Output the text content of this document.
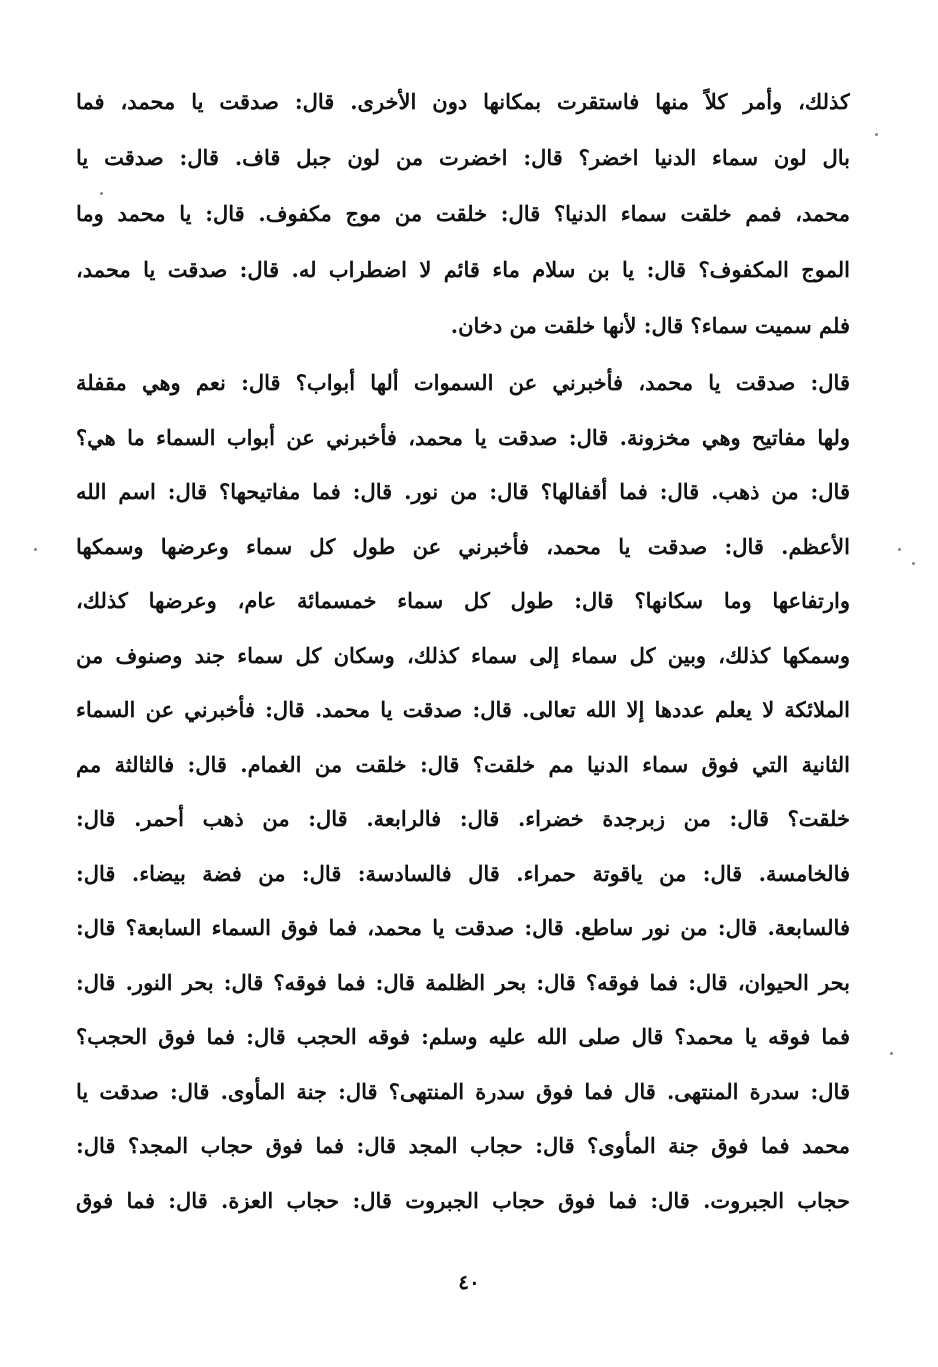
كذلك، وأمر كلاً منها فاستقرت بمكانها دون الأخرى. قال: صدقت يا محمد، فما
بال لون سماء الدنيا اخضر؟ قال: اخضرت من لون جبل قاف. قال: صدقت يا
محمد، فمم خلقت سماء الدنيا؟ قال: خلقت من موج مكفوف. قال: يا محمد وما
الموج المكفوف؟ قال: يا بن سلام ماء قائم لا اضطراب له. قال: صدقت يا محمد،
فلم سميت سماء؟ قال: لأنها خلقت من دخان.
قال: صدقت يا محمد، فأخبرني عن السموات ألها أبواب؟ قال: نعم وهي مقفلة
ولها مفاتيح وهي مخزونة. قال: صدقت يا محمد، فأخبرني عن أبواب السماء ما هي؟
قال: من ذهب. قال: فما أقفالها؟ قال: من نور. قال: فما مفاتيحها؟ قال: اسم الله
الأعظم. قال: صدقت يا محمد، فأخبرني عن طول كل سماء وعرضها وسمكها
وارتفاعها وما سكانها؟ قال: طول كل سماء خمسمائة عام، وعرضها كذلك،
وسمكها كذلك، وبين كل سماء إلى سماء كذلك، وسكان كل سماء جند وصنوف من
الملائكة لا يعلم عددها إلا الله تعالى. قال: صدقت يا محمد. قال: فأخبرني عن السماء
الثانية التي فوق سماء الدنيا مم خلقت؟ قال: خلقت من الغمام. قال: فالثالثة مم
خلقت؟ قال: من زبرجدة خضراء. قال: فالرابعة. قال: من ذهب أحمر. قال:
فالخامسة. قال: من ياقوتة حمراء. قال فالسادسة: قال: من فضة بيضاء. قال:
فالسابعة. قال: من نور ساطع. قال: صدقت يا محمد، فما فوق السماء السابعة؟ قال:
بحر الحيوان، قال: فما فوقه؟ قال: بحر الظلمة قال: فما فوقه؟ قال: بحر النور. قال:
فما فوقه يا محمد؟ قال صلى الله عليه وسلم: فوقه الحجب قال: فما فوق الحجب؟
قال: سدرة المنتهى. قال فما فوق سدرة المنتهى؟ قال: جنة المأوى. قال: صدقت يا
محمد فما فوق جنة المأوى؟ قال: حجاب المجد قال: فما فوق حجاب المجد؟ قال:
حجاب الجبروت. قال: فما فوق حجاب الجبروت قال: حجاب العزة. قال: فما فوق
٤٠
